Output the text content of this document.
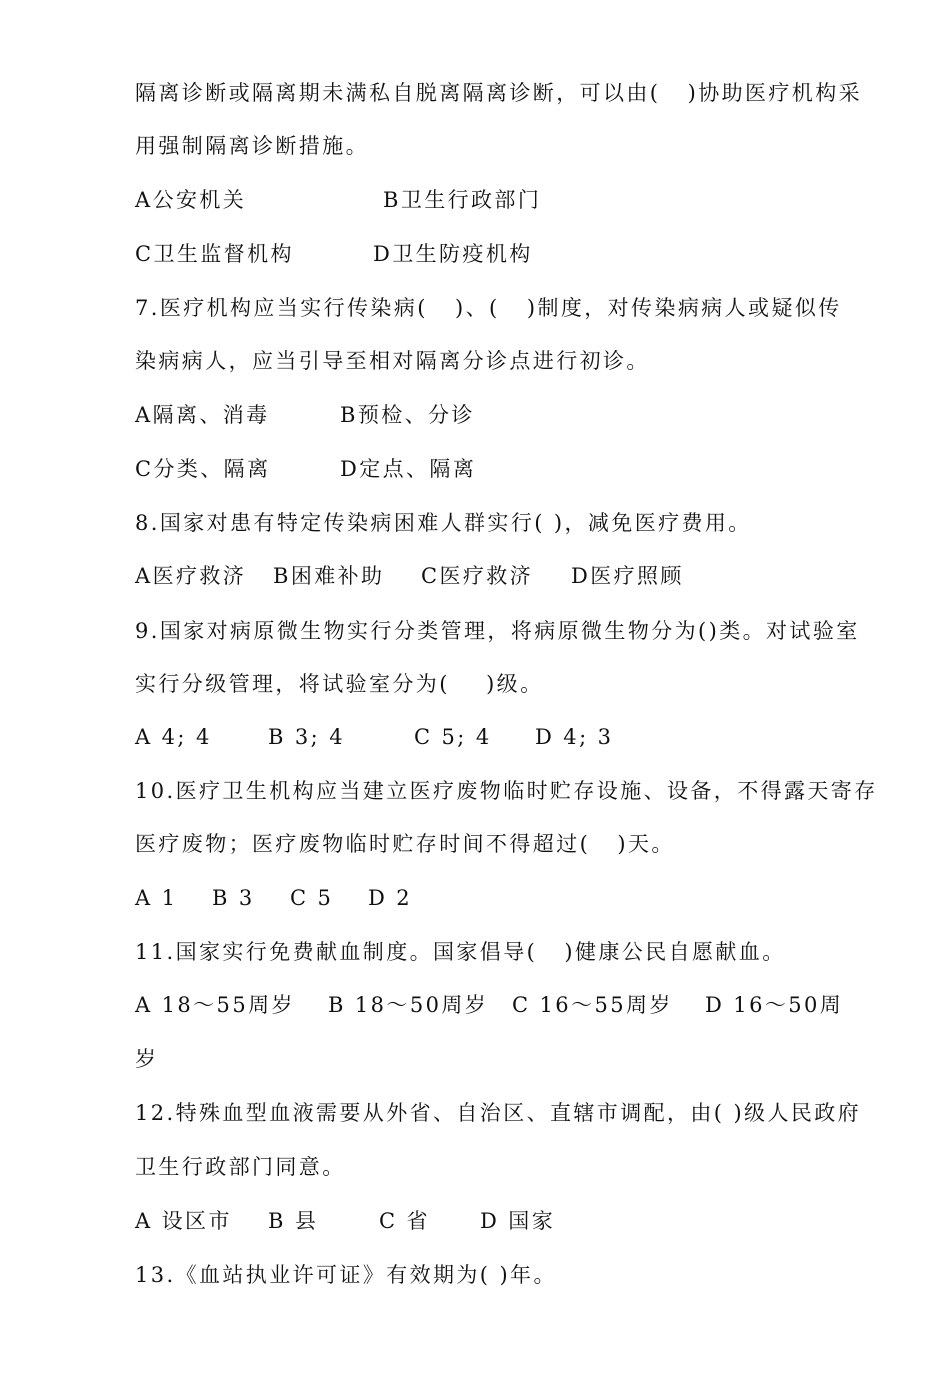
隔离诊断或隔离期未满私自脱离隔离诊断，可以由(   )协助医疗机构采
用强制隔离诊断措施。

A公安机关

	B卫生行政部门

C卫生监督机构

	D卫生防疫机构

7.医疗机构应当实行传染病(   )、(   )制度，对传染病病人或疑似传
染病病人，应当引导至相对隔离分诊点进行初诊。

A隔离、消毒

	B预检、分诊

C分类、隔离

	D定点、隔离

8.国家对患有特定传染病困难人群实行( )，减免医疗费用。

A医疗救济

B困难补助

C医疗救济

D医疗照顾

9.国家对病原微生物实行分类管理，将病原微生物分为()类。对试验室
实行分级管理，将试验室分为(    )级。

A 4; 4

	B 3; 4

	C 5; 4

D 4; 3

10.医疗卫生机构应当建立医疗废物临时贮存设施、设备，不得露天寄存
医疗废物；医疗废物临时贮存时间不得超过(   )天。

A 1

B 3

C 5

D 2

11.国家实行免费献血制度。国家倡导(   )健康公民自愿献血。

A 18～55周岁

B 18～50周岁

C 16～55周岁

D 16～50周

岁
12.特殊血型血液需要从外省、自治区、直辖市调配，由( )级人民政府
卫生行政部门同意。

A 设区市

B 县

	C 省

D 国家

13.《血站执业许可证》有效期为( )年。
